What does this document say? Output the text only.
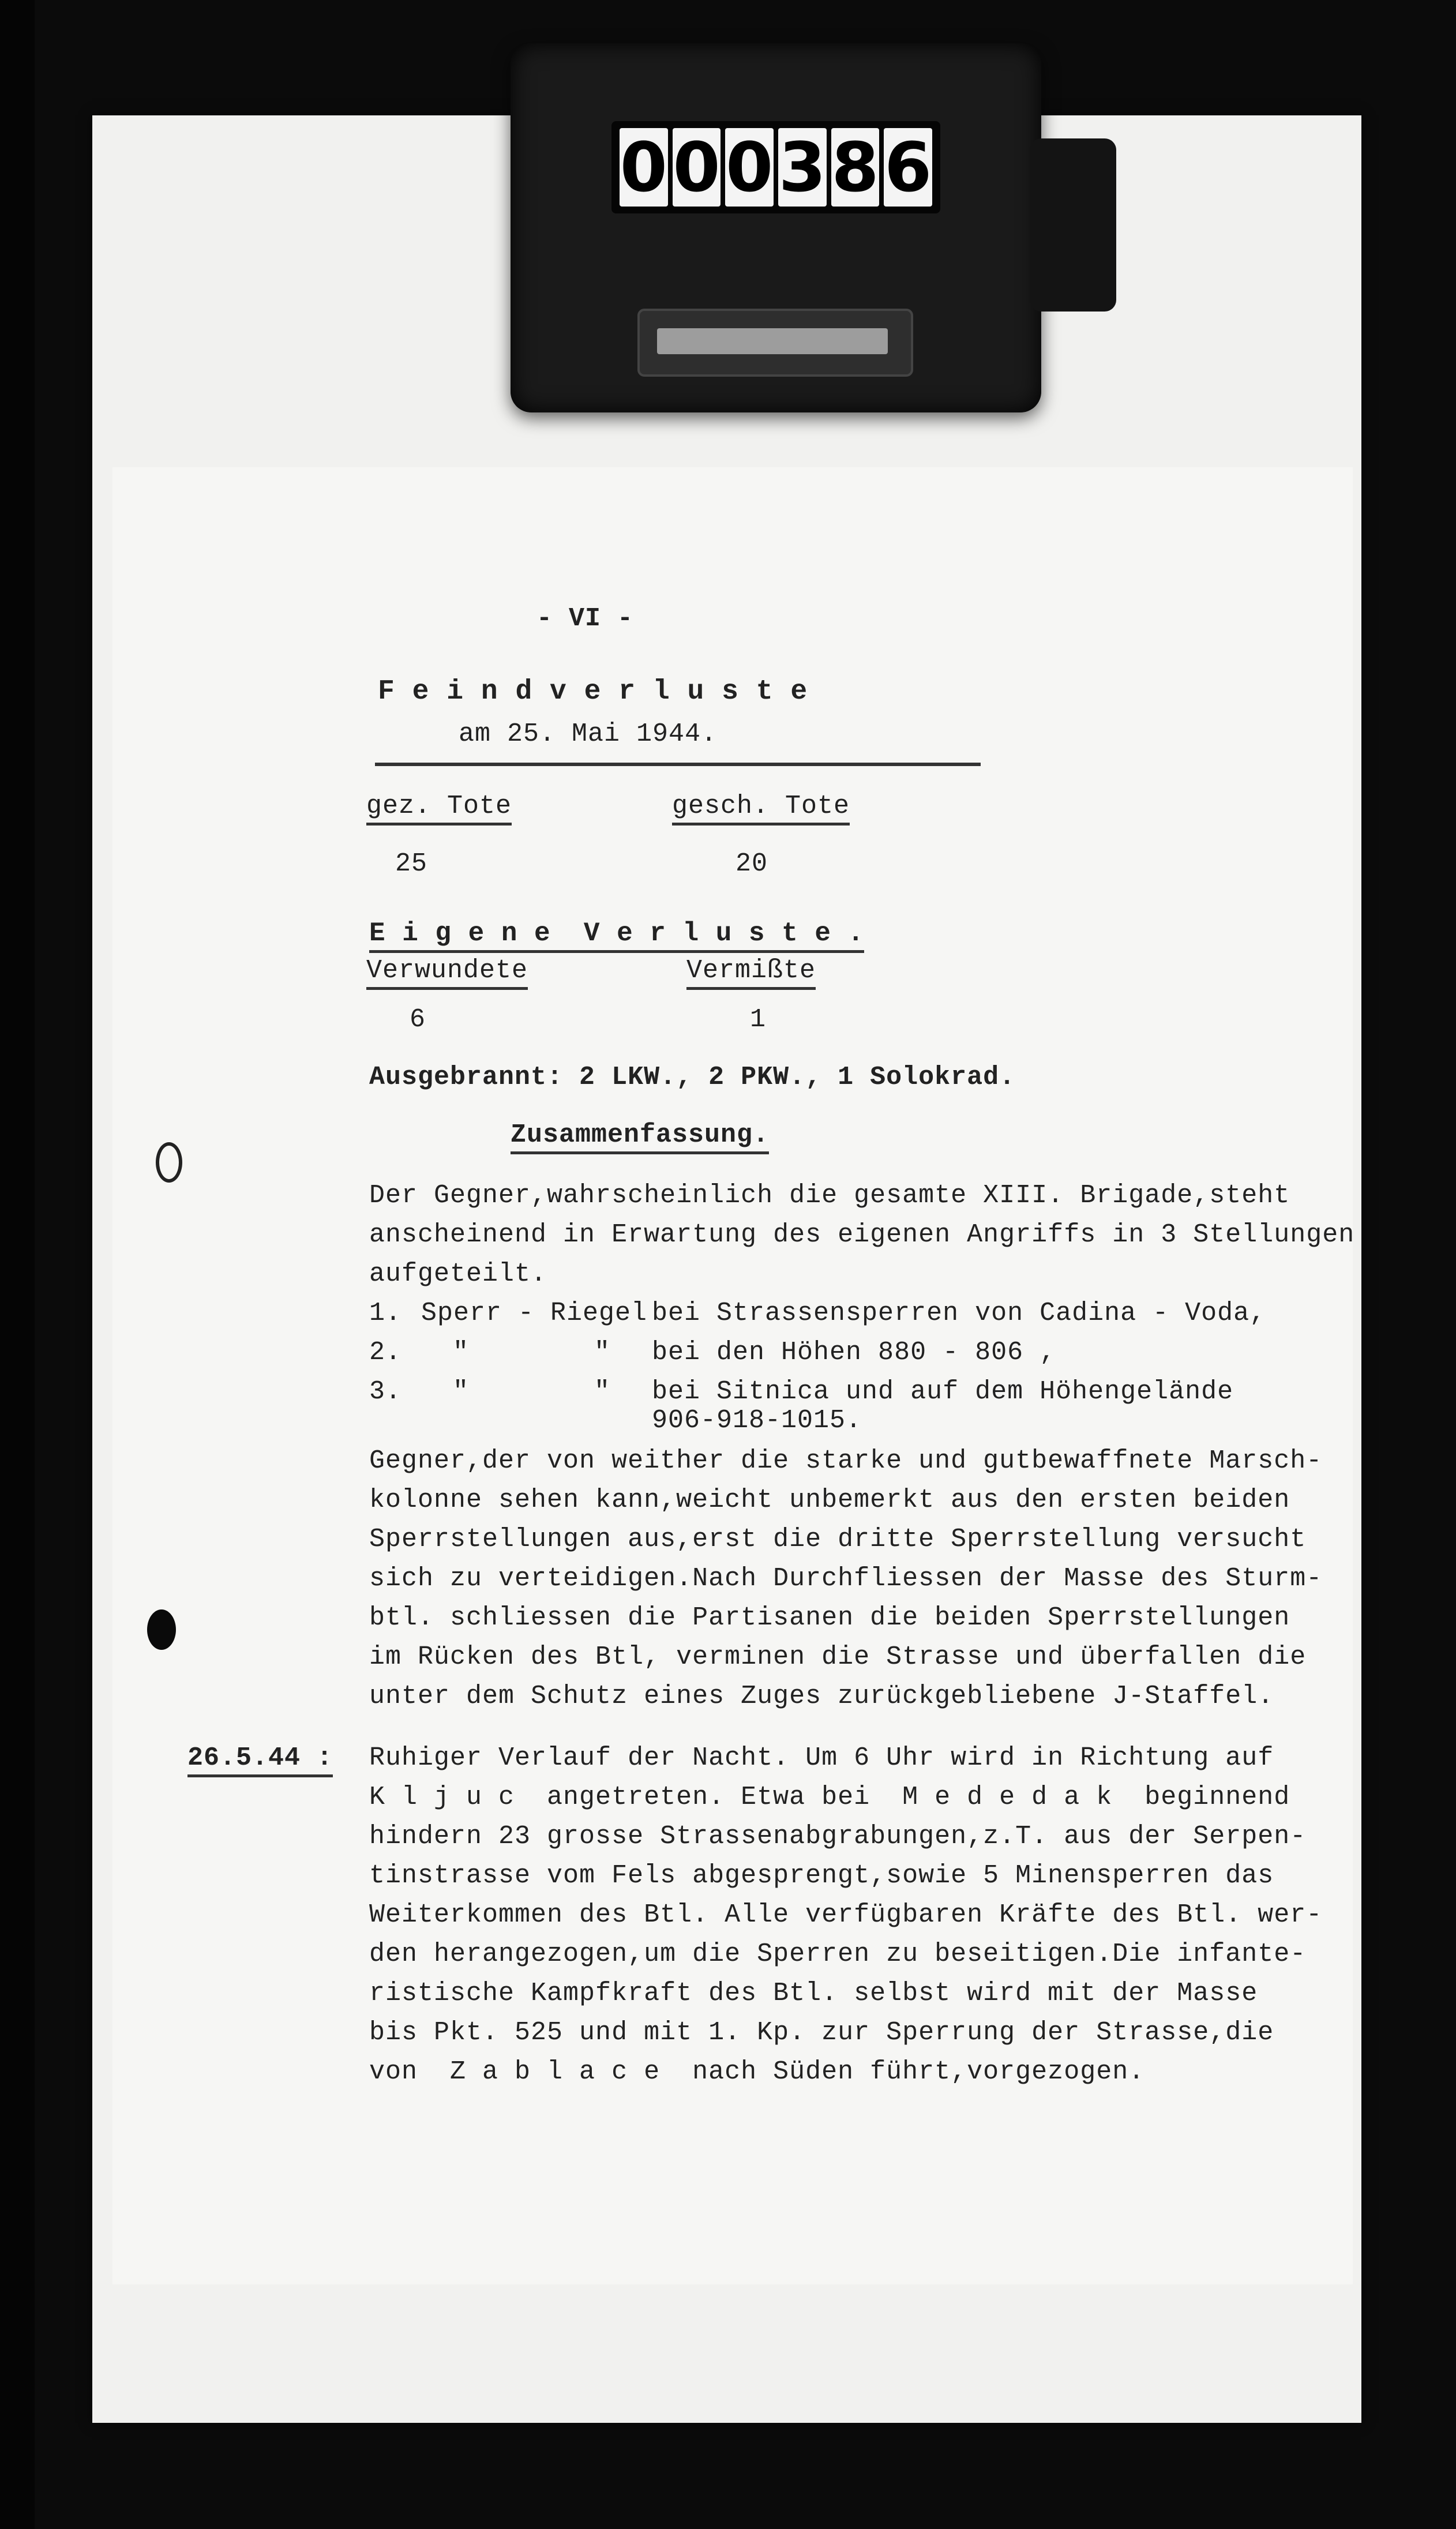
0 0 0 3 8 6
- VI -
F e i n d v e r l u s t e
am 25. Mai 1944.
gez. Tote	gesch. Tote
25	20
E i g e n e  V e r l u s t e .
Verwundete	Vermißte
6	1
Ausgebrannt: 2 LKW., 2 PKW., 1 Solokrad.
Zusammenfassung.
Der Gegner,wahrscheinlich die gesamte XIII. Brigade,steht
anscheinend in Erwartung des eigenen Angriffs in 3 Stellungen
aufgeteilt.
1. Sperr - Riegel bei Strassensperren von Cadina - Voda,
2. "	" bei den Höhen 880 - 806 ,
3. "	" bei Sitnica und auf dem Höhengelände
906-918-1015.
Gegner,der von weither die starke und gutbewaffnete Marsch-
kolonne sehen kann,weicht unbemerkt aus den ersten beiden
Sperrstellungen aus,erst die dritte Sperrstellung versucht
sich zu verteidigen.Nach Durchfliessen der Masse des Sturm-
btl. schliessen die Partisanen die beiden Sperrstellungen
im Rücken des Btl, verminen die Strasse und überfallen die
unter dem Schutz eines Zuges zurückgebliebene J-Staffel.
26.5.44 : Ruhiger Verlauf der Nacht. Um 6 Uhr wird in Richtung auf
K l j u c  angetreten. Etwa bei  M e d e d a k  beginnend
hindern 23 grosse Strassenabgrabungen,z.T. aus der Serpen-
tinstrasse vom Fels abgesprengt,sowie 5 Minensperren das
Weiterkommen des Btl. Alle verfügbaren Kräfte des Btl. wer-
den herangezogen,um die Sperren zu beseitigen.Die infante-
ristische Kampfkraft des Btl. selbst wird mit der Masse
bis Pkt. 525 und mit 1. Kp. zur Sperrung der Strasse,die
von  Z a b l a c e  nach Süden führt,vorgezogen.
